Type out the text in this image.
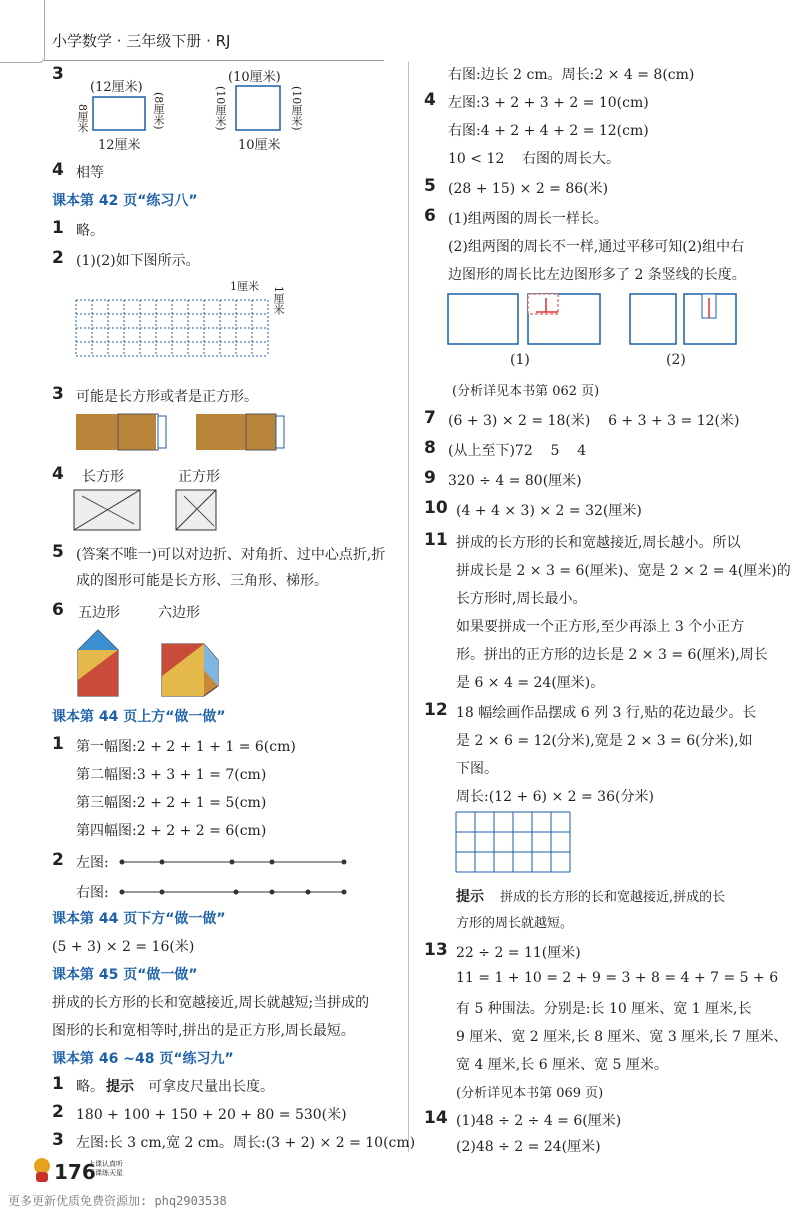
小学数学 · 三年级下册 · RJ
3
(12厘米)
8厘米	(8厘米)
12厘米
(10厘米)
(10厘米)	(10厘米)
10厘米
4 相等
课本第 42 页“练习八”
1 略。
2 (1)(2)如下图所示。
1厘米 1厘米
3 可能是长方形或者是正方形。
4 长方形	正方形
5 (答案不唯一)可以对边折、对角折、过中心点折,折
成的图形可能是长方形、三角形、梯形。
6 五边形	六边形
课本第 44 页上方“做一做”
1 第一幅图:2 + 2 + 1 + 1 = 6(cm)
第二幅图:3 + 3 + 1 = 7(cm)
第三幅图:2 + 2 + 1 = 5(cm)
第四幅图:2 + 2 + 2 = 6(cm)
2 左图:
右图:
课本第 44 页下方“做一做”
(5 + 3) × 2 = 16(米)
课本第 45 页“做一做”
拼成的长方形的长和宽越接近,周长就越短;当拼成的
图形的长和宽相等时,拼出的是正方形,周长最短。
课本第 46 ~48 页“练习九”
1 略。 提示 可拿皮尺量出长度。
2 180 + 100 + 150 + 20 + 80 = 530(米)
3 左图:长 3 cm,宽 2 cm。周长:(3 + 2) × 2 = 10(cm)
右图:边长 2 cm。周长:2 × 4 = 8(cm)
4 左图:3 + 2 + 3 + 2 = 10(cm)
右图:4 + 2 + 4 + 2 = 12(cm)
10 < 12    右图的周长大。
5 (28 + 15) × 2 = 86(米)
6 (1)组两图的周长一样长。
(2)组两图的周长不一样,通过平移可知(2)组中右
边图形的周长比左边图形多了 2 条竖线的长度。
(1)	(2)
(分析详见本书第 062 页)
7 (6 + 3) × 2 = 18(米)    6 + 3 + 3 = 12(米)
8 (从上至下)72    5    4
9 320 ÷ 4 = 80(厘米)
10 (4 + 4 × 3) × 2 = 32(厘米)
11 拼成的长方形的长和宽越接近,周长越小。所以
拼成长是 2 × 3 = 6(厘米)、宽是 2 × 2 = 4(厘米)的
长方形时,周长最小。
如果要拼成一个正方形,至少再添上 3 个小正方
形。拼出的正方形的边长是 2 × 3 = 6(厘米),周长
是 6 × 4 = 24(厘米)。
12 18 幅绘画作品摆成 6 列 3 行,贴的花边最少。长
是 2 × 6 = 12(分米),宽是 2 × 3 = 6(分米),如
下图。
周长:(12 + 6) × 2 = 36(分米)
提示 拼成的长方形的长和宽越接近,拼成的长
方形的周长就越短。
13 22 ÷ 2 = 11(厘米)
11 = 1 + 10 = 2 + 9 = 3 + 8 = 4 + 7 = 5 + 6
有 5 种围法。分别是:长 10 厘米、宽 1 厘米,长
9 厘米、宽 2 厘米,长 8 厘米、宽 3 厘米,长 7 厘米、
宽 4 厘米,长 6 厘米、宽 5 厘米。
(分析详见本书第 069 页)
14 (1)48 ÷ 2 ÷ 4 = 6(厘米)
(2)48 ÷ 2 = 24(厘米)
176
上课认真听
下课练天星
更多更新优质免费资源加: phq2903538
